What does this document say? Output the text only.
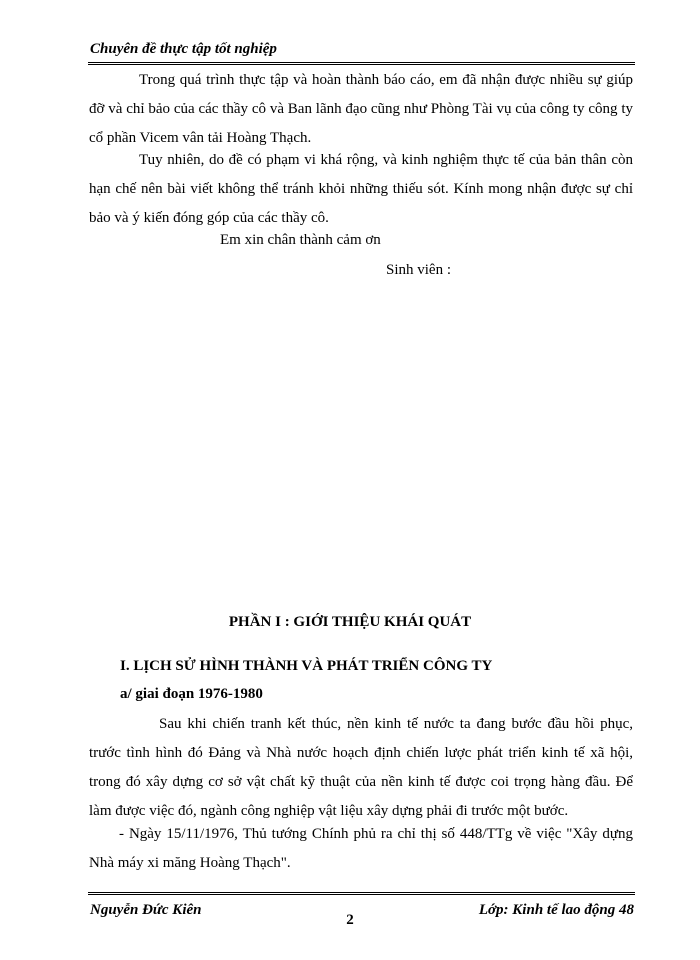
Chuyên đề thực tập tốt nghiệp
Trong quá trình thực tập và hoàn thành báo cáo, em đã nhận được nhiều sự giúp đỡ và chỉ bảo của các thầy cô và Ban lãnh đạo cũng như Phòng Tài vụ của công ty công ty cổ phần Vicem vân tải Hoàng Thạch.
Tuy nhiên, do đề có phạm vi khá rộng, và kinh nghiệm thực tế của bản thân còn hạn chế nên bài viết không thể tránh khỏi những thiếu sót. Kính mong nhận được sự chỉ bảo và ý kiến đóng góp của các thầy cô.
Em xin chân thành cảm ơn
Sinh viên :
PHẦN I : GIỚI THIỆU KHÁI QUÁT
I. LỊCH SỬ HÌNH THÀNH VÀ PHÁT TRIỂN CÔNG TY
a/ giai đoạn 1976-1980
Sau khi chiến tranh kết thúc, nền kinh tế nước ta đang bước đầu hồi phục, trước tình hình đó Đảng và Nhà nước hoạch định chiến lược phát triển kinh tế xã hội, trong đó xây dựng cơ sở vật chất kỹ thuật của nền kinh tế được coi trọng hàng đầu. Để làm được việc đó, ngành công nghiệp vật liệu xây dựng phải đi trước một bước.
- Ngày 15/11/1976, Thủ tướng Chính phủ ra chỉ thị số 448/TTg về việc "Xây dựng Nhà máy xi măng Hoàng Thạch".
Nguyễn Đức Kiên
2
Lớp: Kinh tế lao động 48
